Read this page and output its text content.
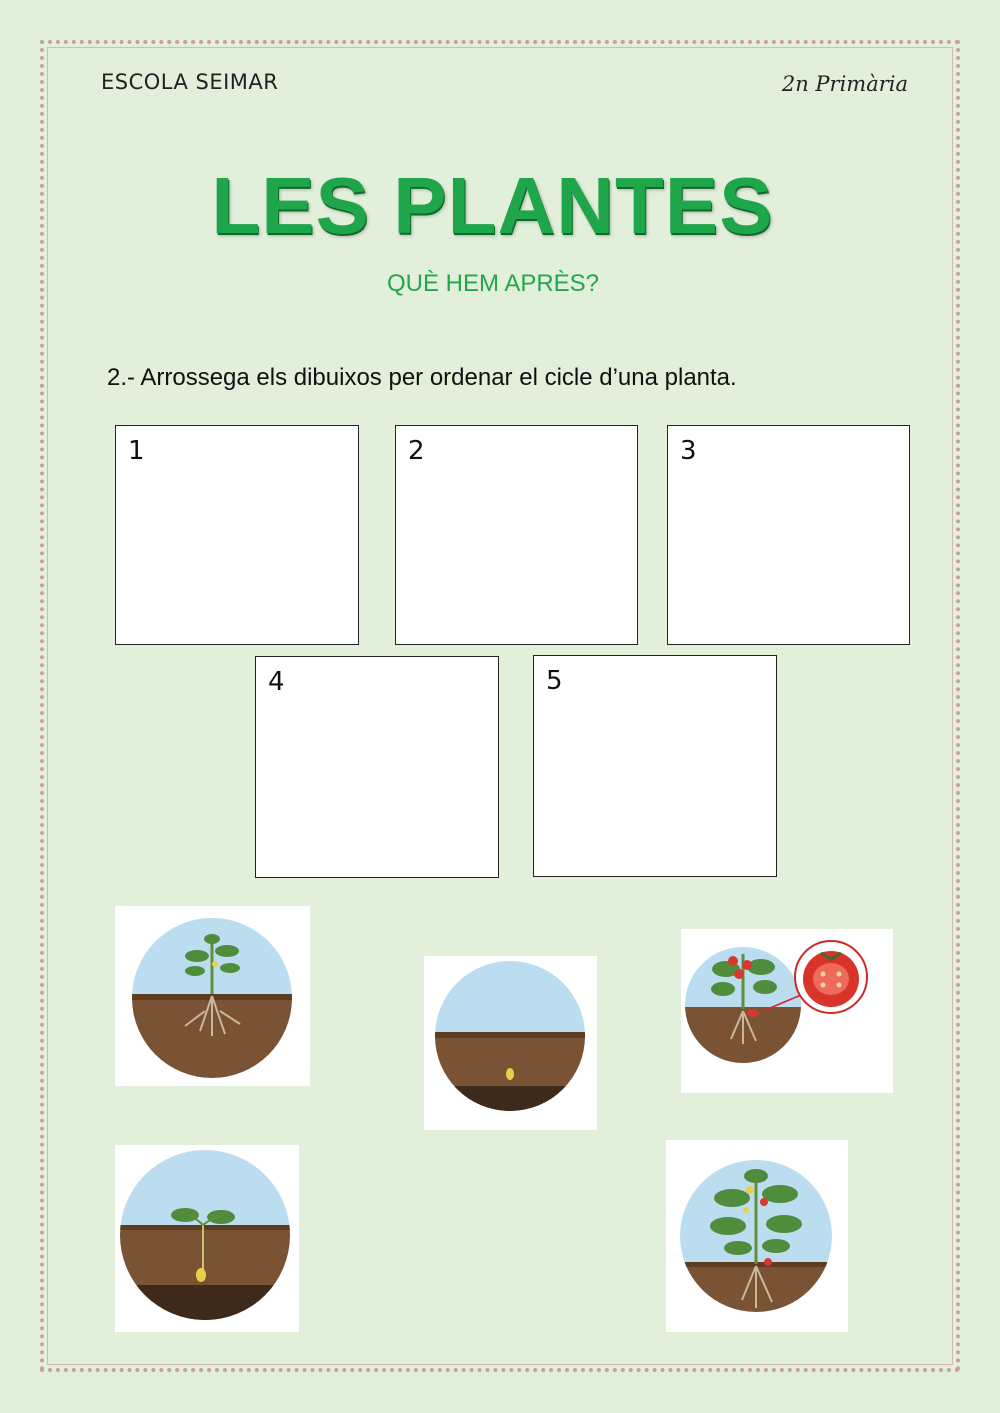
ESCOLA SEIMAR	2n Primària
LES PLANTES
QUÈ HEM APRÈS?
2.- Arrossega els dibuixos per ordenar el cicle d’una planta.
1	2	3
4	5
